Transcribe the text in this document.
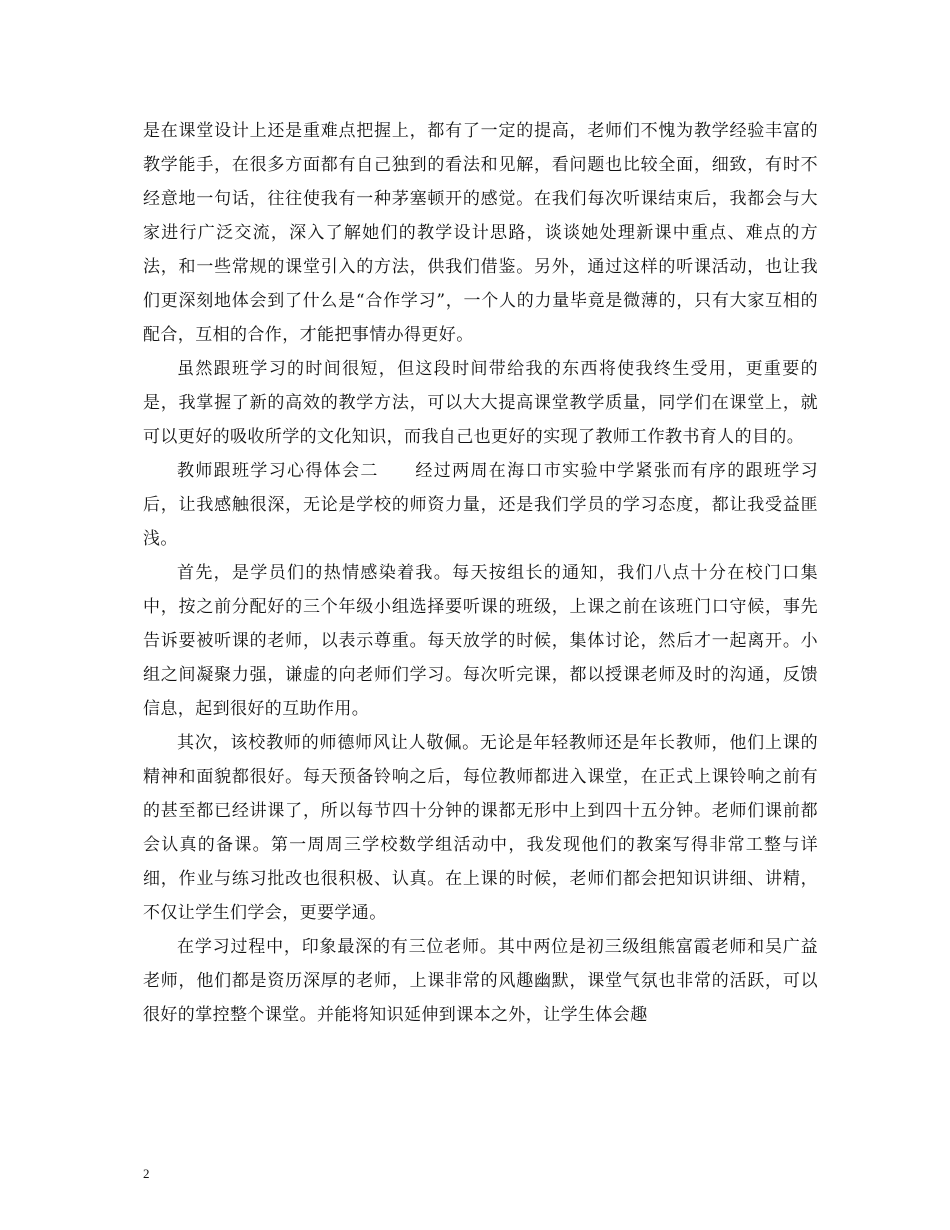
是在课堂设计上还是重难点把握上，都有了一定的提高，老师们不愧为教学经验丰富的教学能手，在很多方面都有自己独到的看法和见解，看问题也比较全面，细致，有时不经意地一句话，往往使我有一种茅塞顿开的感觉。在我们每次听课结束后，我都会与大家进行广泛交流，深入了解她们的教学设计思路，谈谈她处理新课中重点、难点的方法，和一些常规的课堂引入的方法，供我们借鉴。另外，通过这样的听课活动，也让我们更深刻地体会到了什么是“合作学习”，一个人的力量毕竟是微薄的，只有大家互相的配合，互相的合作，才能把事情办得更好。

虽然跟班学习的时间很短，但这段时间带给我的东西将使我终生受用，更重要的是，我掌握了新的高效的教学方法，可以大大提高课堂教学质量，同学们在课堂上，就可以更好的吸收所学的文化知识，而我自己也更好的实现了教师工作教书育人的目的。

教师跟班学习心得体会二　　经过两周在海口市实验中学紧张而有序的跟班学习后，让我感触很深，无论是学校的师资力量，还是我们学员的学习态度，都让我受益匪浅。

首先，是学员们的热情感染着我。每天按组长的通知，我们八点十分在校门口集中，按之前分配好的三个年级小组选择要听课的班级，上课之前在该班门口守候，事先告诉要被听课的老师，以表示尊重。每天放学的时候，集体讨论，然后才一起离开。小组之间凝聚力强，谦虚的向老师们学习。每次听完课，都以授课老师及时的沟通，反馈信息，起到很好的互助作用。

其次，该校教师的师德师风让人敬佩。无论是年轻教师还是年长教师，他们上课的精神和面貌都很好。每天预备铃响之后，每位教师都进入课堂，在正式上课铃响之前有的甚至都已经讲课了，所以每节四十分钟的课都无形中上到四十五分钟。老师们课前都会认真的备课。第一周周三学校数学组活动中，我发现他们的教案写得非常工整与详细，作业与练习批改也很积极、认真。在上课的时候，老师们都会把知识讲细、讲精，不仅让学生们学会，更要学通。

在学习过程中，印象最深的有三位老师。其中两位是初三级组熊富霞老师和吴广益老师，他们都是资历深厚的老师，上课非常的风趣幽默，课堂气氛也非常的活跃，可以很好的掌控整个课堂。并能将知识延伸到课本之外，让学生体会趣

2
